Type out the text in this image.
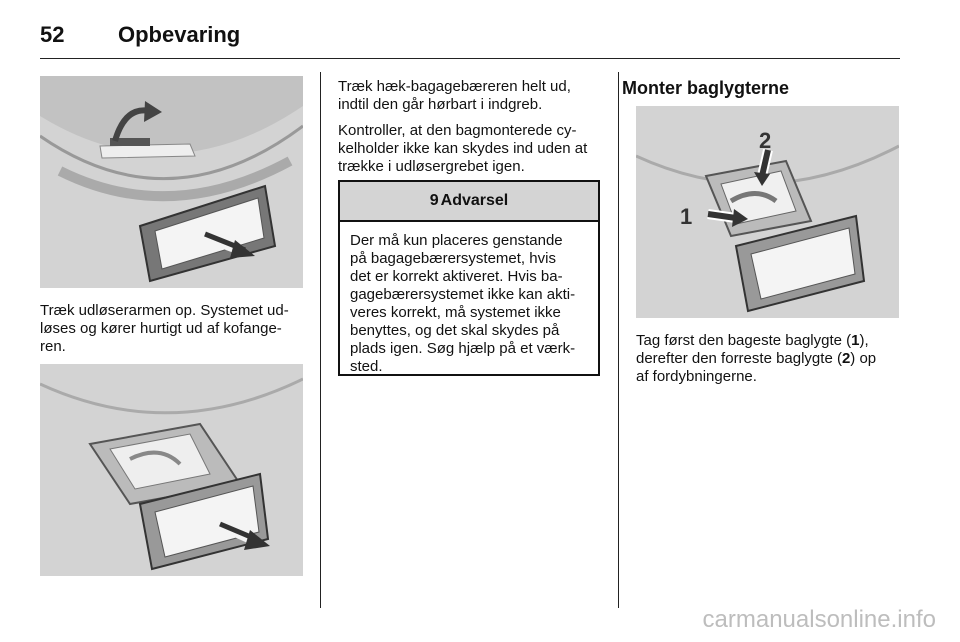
52 Opbevaring
Træk udløserarmen op. Systemet ud-
løses og kører hurtigt ud af kofange-
ren.

Træk hæk-bagagebæreren helt ud,
indtil den går hørbart i indgreb.

Kontroller, at den bagmonterede cy-
kelholder ikke kan skydes ind uden at
trække i udløsergrebet igen.

9 Advarsel
Der må kun placeres genstande
på bagagebærersystemet, hvis
det er korrekt aktiveret. Hvis ba-
gagebærersystemet ikke kan akti-
veres korrekt, må systemet ikke
benyttes, og det skal skydes på
plads igen. Søg hjælp på et værk-
sted.
Monter baglygterne
1
2
Tag først den bageste baglygte (1),
derefter den forreste baglygte (2) op
af fordybningerne.
carmanualsonline.info
